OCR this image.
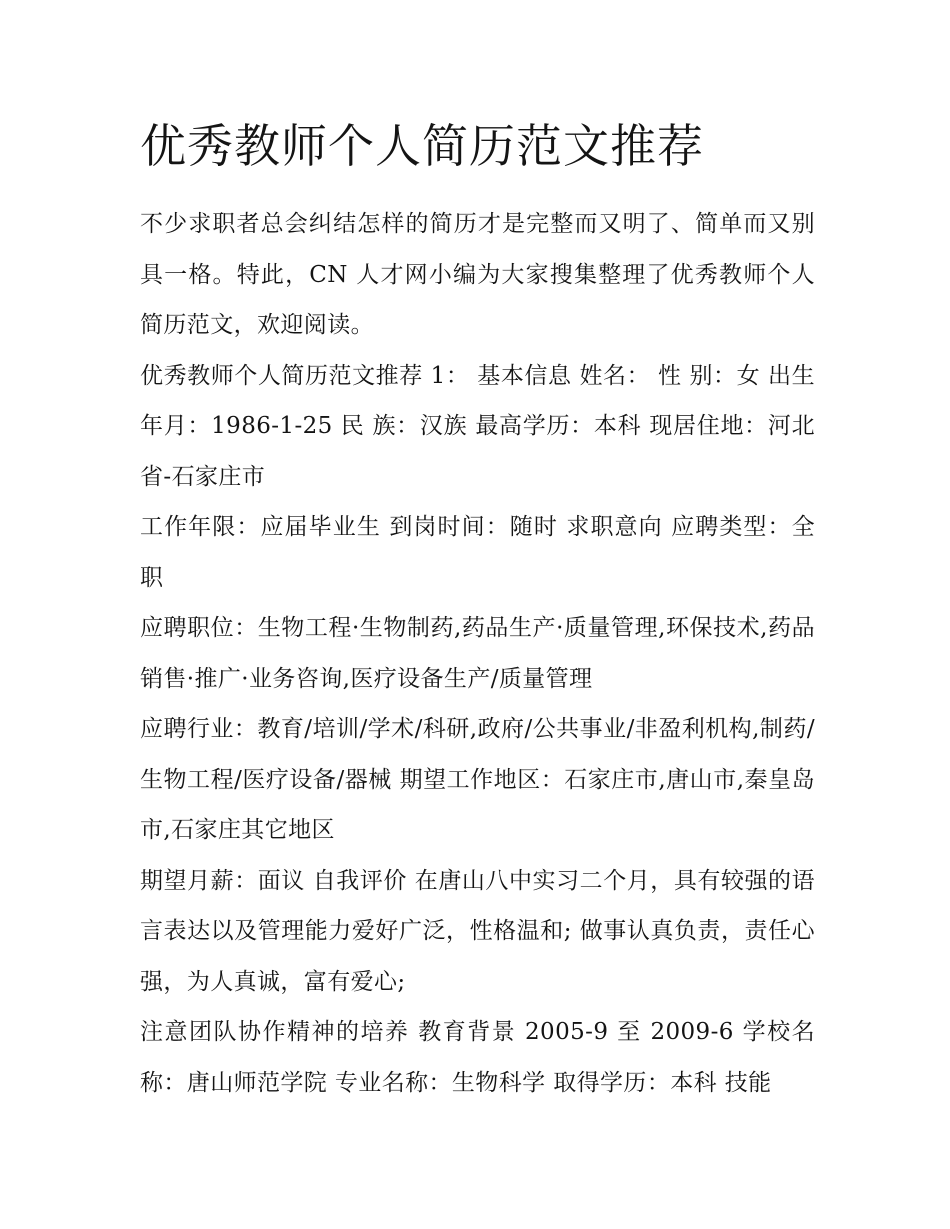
优秀教师个人简历范文推荐

不少求职者总会纠结怎样的简历才是完整而又明了、简单而又别具一格。特此，CN 人才网小编为大家搜集整理了优秀教师个人简历范文，欢迎阅读。

优秀教师个人简历范文推荐 1： 基本信息 姓名： 性 别：女 出生年月：1986-1-25 民 族：汉族 最高学历：本科 现居住地：河北省-石家庄市

工作年限：应届毕业生 到岗时间：随时 求职意向 应聘类型：全职

应聘职位：生物工程·生物制药,药品生产·质量管理,环保技术,药品销售·推广·业务咨询,医疗设备生产/质量管理

应聘行业：教育/培训/学术/科研,政府/公共事业/非盈利机构,制药/生物工程/医疗设备/器械 期望工作地区：石家庄市,唐山市,秦皇岛市,石家庄其它地区

期望月薪：面议 自我评价 在唐山八中实习二个月，具有较强的语言表达以及管理能力爱好广泛，性格温和; 做事认真负责，责任心强，为人真诚，富有爱心;

注意团队协作精神的培养 教育背景 2005-9 至 2009-6 学校名称：唐山师范学院 专业名称：生物科学 取得学历：本科 技能
